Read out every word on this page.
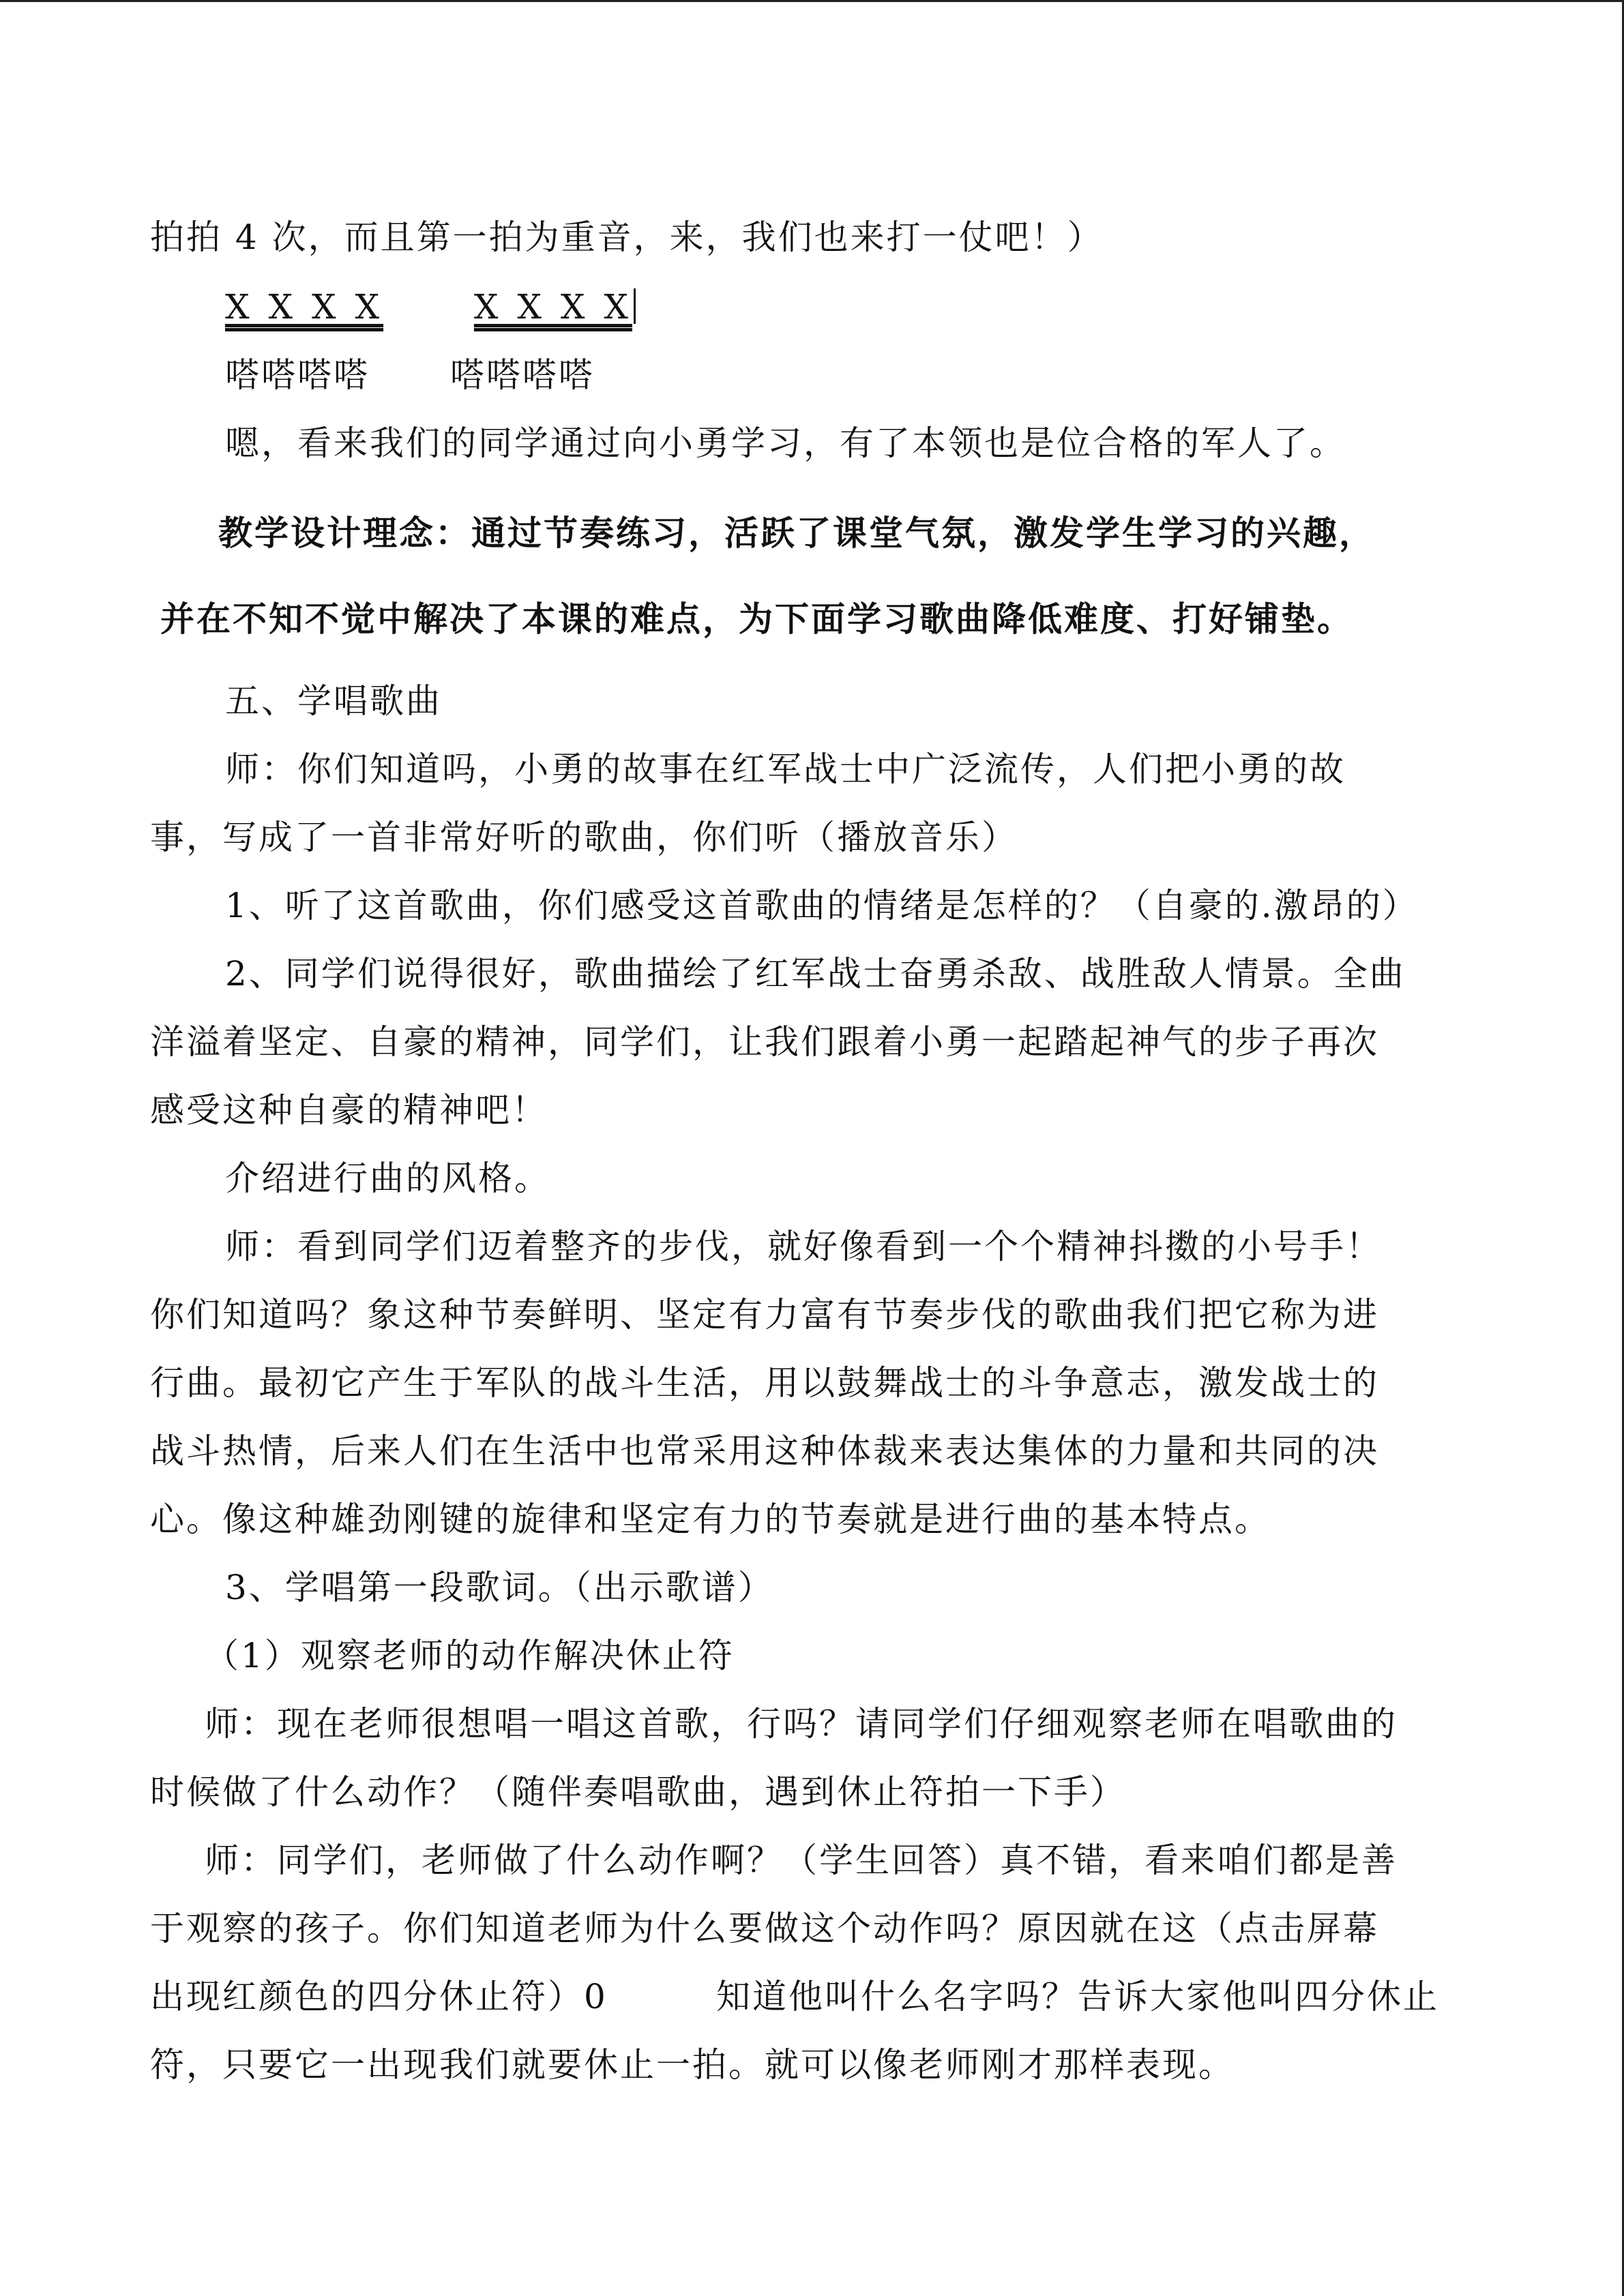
拍拍 4 次，而且第一拍为重音，来，我们也来打一仗吧！）
X X X X	X X X X
嗒嗒嗒嗒 嗒嗒嗒嗒
嗯，看来我们的同学通过向小勇学习，有了本领也是位合格的军人了。
教学设计理念：通过节奏练习，活跃了课堂气氛，激发学生学习的兴趣，
并在不知不觉中解决了本课的难点，为下面学习歌曲降低难度、打好铺垫。
五、学唱歌曲
师：你们知道吗，小勇的故事在红军战士中广泛流传，人们把小勇的故
事，写成了一首非常好听的歌曲，你们听（播放音乐）
1、听了这首歌曲，你们感受这首歌曲的情绪是怎样的？（自豪的.激昂的）
2、同学们说得很好，歌曲描绘了红军战士奋勇杀敌、战胜敌人情景。全曲
洋溢着坚定、自豪的精神，同学们，让我们跟着小勇一起踏起神气的步子再次
感受这种自豪的精神吧！
介绍进行曲的风格。
师：看到同学们迈着整齐的步伐，就好像看到一个个精神抖擞的小号手！
你们知道吗？象这种节奏鲜明、坚定有力富有节奏步伐的歌曲我们把它称为进
行曲。最初它产生于军队的战斗生活，用以鼓舞战士的斗争意志，激发战士的
战斗热情，后来人们在生活中也常采用这种体裁来表达集体的力量和共同的决
心。像这种雄劲刚键的旋律和坚定有力的节奏就是进行曲的基本特点。
3、学唱第一段歌词。（出示歌谱）
（1）观察老师的动作解决休止符
师：现在老师很想唱一唱这首歌，行吗？请同学们仔细观察老师在唱歌曲的
时候做了什么动作？（随伴奏唱歌曲，遇到休止符拍一下手）
师：同学们，老师做了什么动作啊？（学生回答）真不错，看来咱们都是善
于观察的孩子。你们知道老师为什么要做这个动作吗？原因就在这（点击屏幕
出现红颜色的四分休止符）0	知道他叫什么名字吗？告诉大家他叫四分休止
符，只要它一出现我们就要休止一拍。就可以像老师刚才那样表现。
